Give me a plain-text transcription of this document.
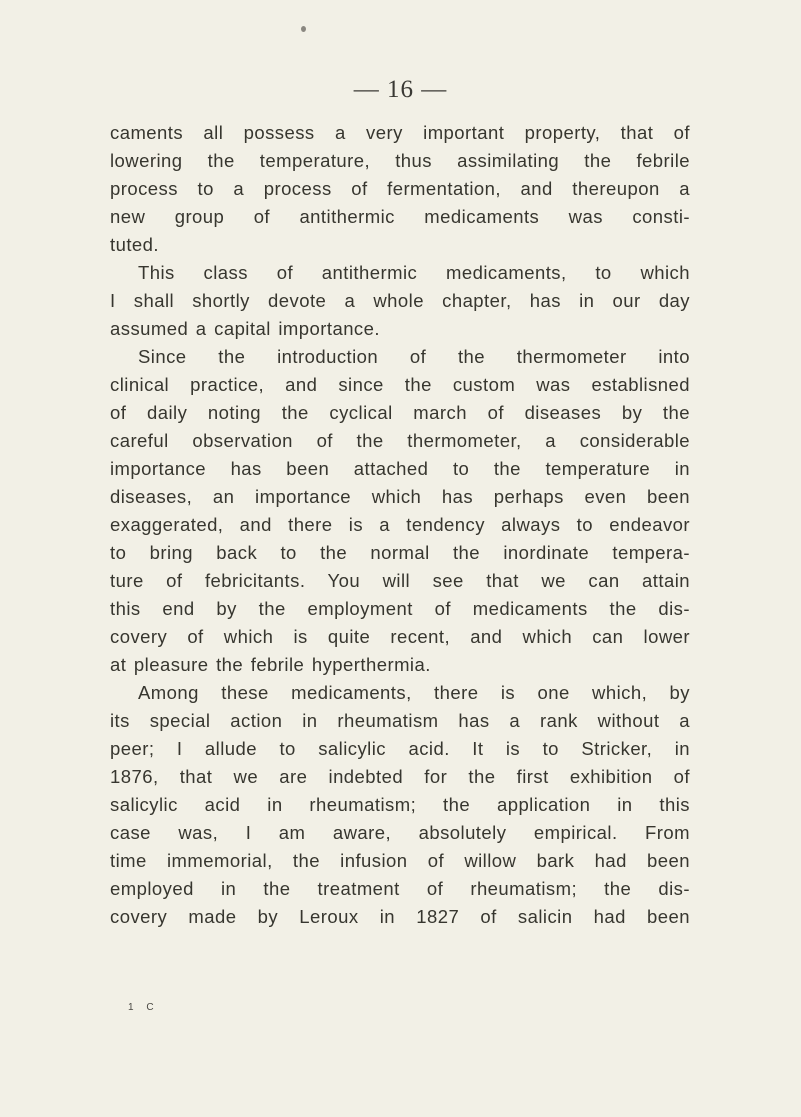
— 16 —
caments all possess a very important property, that of
lowering the temperature, thus assimilating the febrile
process to a process of fermentation, and thereupon a
new group of antithermic medicaments was consti-
tuted.
This class of antithermic medicaments, to which
I shall shortly devote a whole chapter, has in our day
assumed a capital importance.
Since the introduction of the thermometer into
clinical practice, and since the custom was establisned
of daily noting the cyclical march of diseases by the
careful observation of the thermometer, a considerable
importance has been attached to the temperature in
diseases, an importance which has perhaps even been
exaggerated, and there is a tendency always to endeavor
to bring back to the normal the inordinate tempera-
ture of febricitants. You will see that we can attain
this end by the employment of medicaments the dis-
covery of which is quite recent, and which can lower
at pleasure the febrile hyperthermia.
Among these medicaments, there is one which, by
its special action in rheumatism has a rank without a
peer; I allude to salicylic acid. It is to Stricker, in
1876, that we are indebted for the first exhibition of
salicylic acid in rheumatism; the application in this
case was, I am aware, absolutely empirical. From
time immemorial, the infusion of willow bark had been
employed in the treatment of rheumatism; the dis-
covery made by Leroux in 1827 of salicin had been
1 C
